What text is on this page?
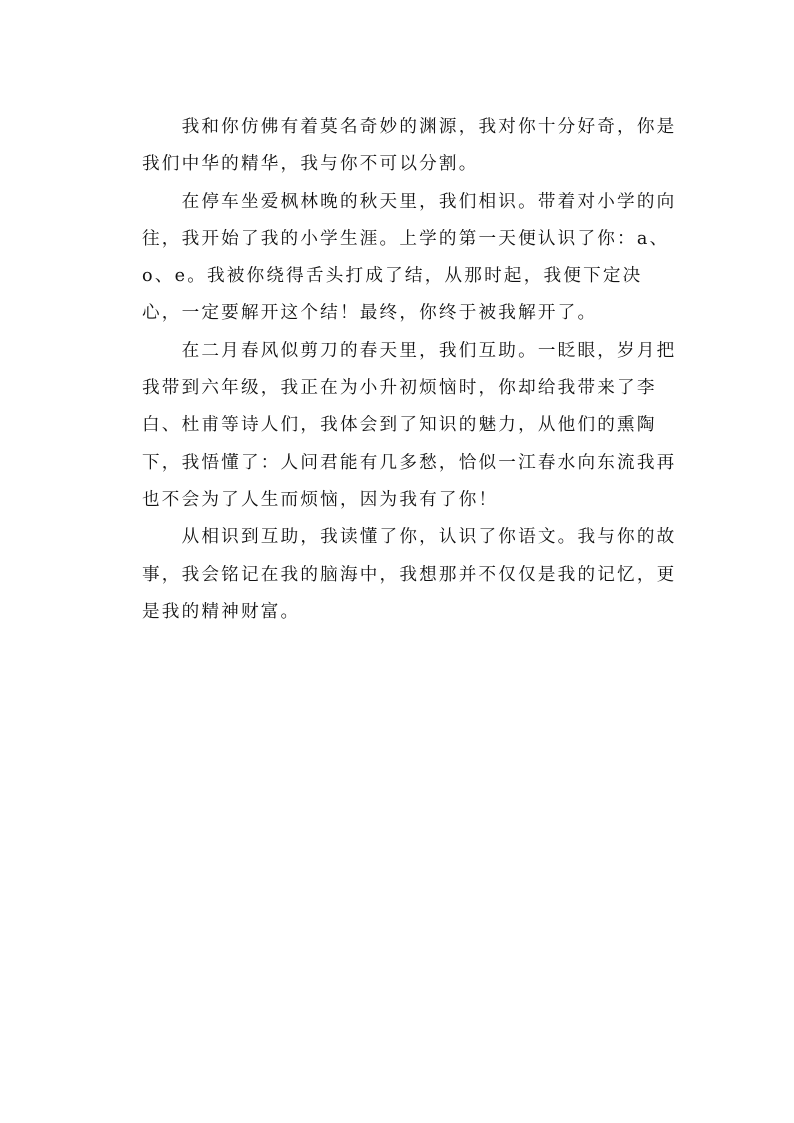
我和你仿佛有着莫名奇妙的渊源，我对你十分好奇，你是我们中华的精华，我与你不可以分割。

在停车坐爱枫林晚的秋天里，我们相识。带着对小学的向往，我开始了我的小学生涯。上学的第一天便认识了你：a、o、e。我被你绕得舌头打成了结，从那时起，我便下定决心，一定要解开这个结！最终，你终于被我解开了。

在二月春风似剪刀的春天里，我们互助。一眨眼，岁月把我带到六年级，我正在为小升初烦恼时，你却给我带来了李白、杜甫等诗人们，我体会到了知识的魅力，从他们的熏陶下，我悟懂了：人问君能有几多愁，恰似一江春水向东流我再也不会为了人生而烦恼，因为我有了你！

从相识到互助，我读懂了你，认识了你语文。我与你的故事，我会铭记在我的脑海中，我想那并不仅仅是我的记忆，更是我的精神财富。
